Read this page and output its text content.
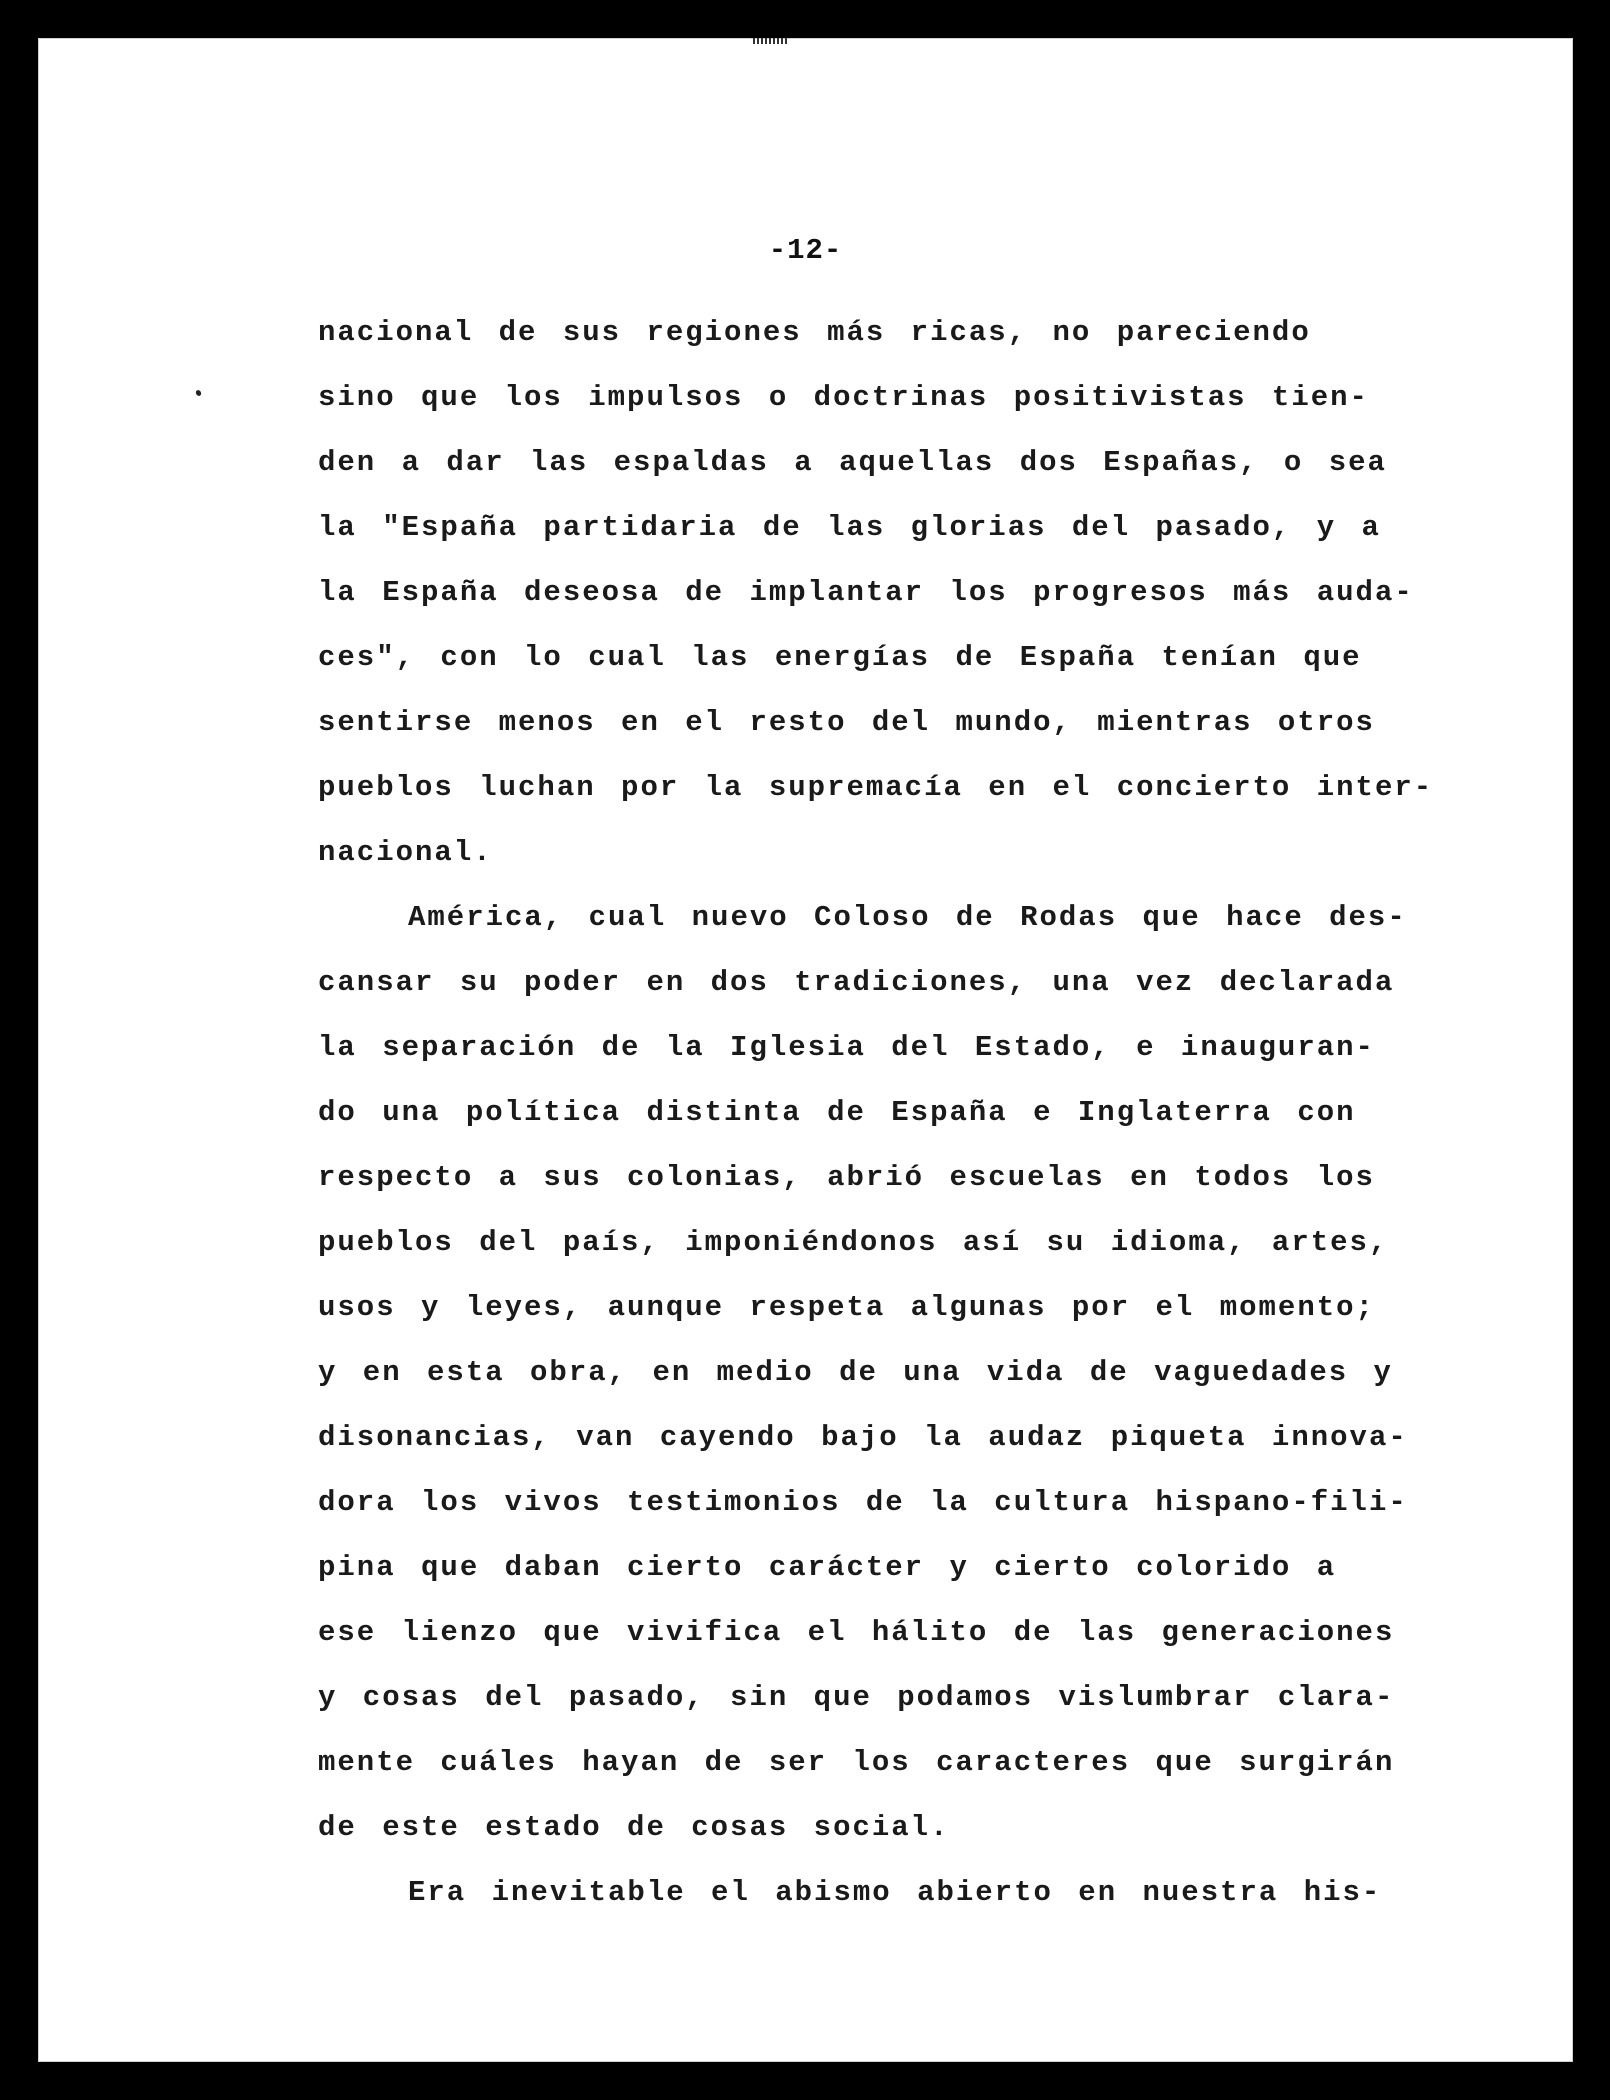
-12-
nacional de sus regiones más ricas, no pareciendo
sino que los impulsos o doctrinas positivistas tien-
den a dar las espaldas a aquellas dos Españas, o sea
la "España partidaria de las glorias del pasado, y a
la España deseosa de implantar los progresos más auda-
ces", con lo cual las energías de España tenían que
sentirse menos en el resto del mundo, mientras otros
pueblos luchan por la supremacía en el concierto inter-
nacional.
América, cual nuevo Coloso de Rodas que hace des-
cansar su poder en dos tradiciones, una vez declarada
la separación de la Iglesia del Estado, e inauguran-
do una política distinta de España e Inglaterra con
respecto a sus colonias, abrió escuelas en todos los
pueblos del país, imponiéndonos así su idioma, artes,
usos y leyes, aunque respeta algunas por el momento;
y en esta obra, en medio de una vida de vaguedades y
disonancias, van cayendo bajo la audaz piqueta innova-
dora los vivos testimonios de la cultura hispano-fili-
pina que daban cierto carácter y cierto colorido a
ese lienzo que vivifica el hálito de las generaciones
y cosas del pasado, sin que podamos vislumbrar clara-
mente cuáles hayan de ser los caracteres que surgirán
de este estado de cosas social.
Era inevitable el abismo abierto en nuestra his-
